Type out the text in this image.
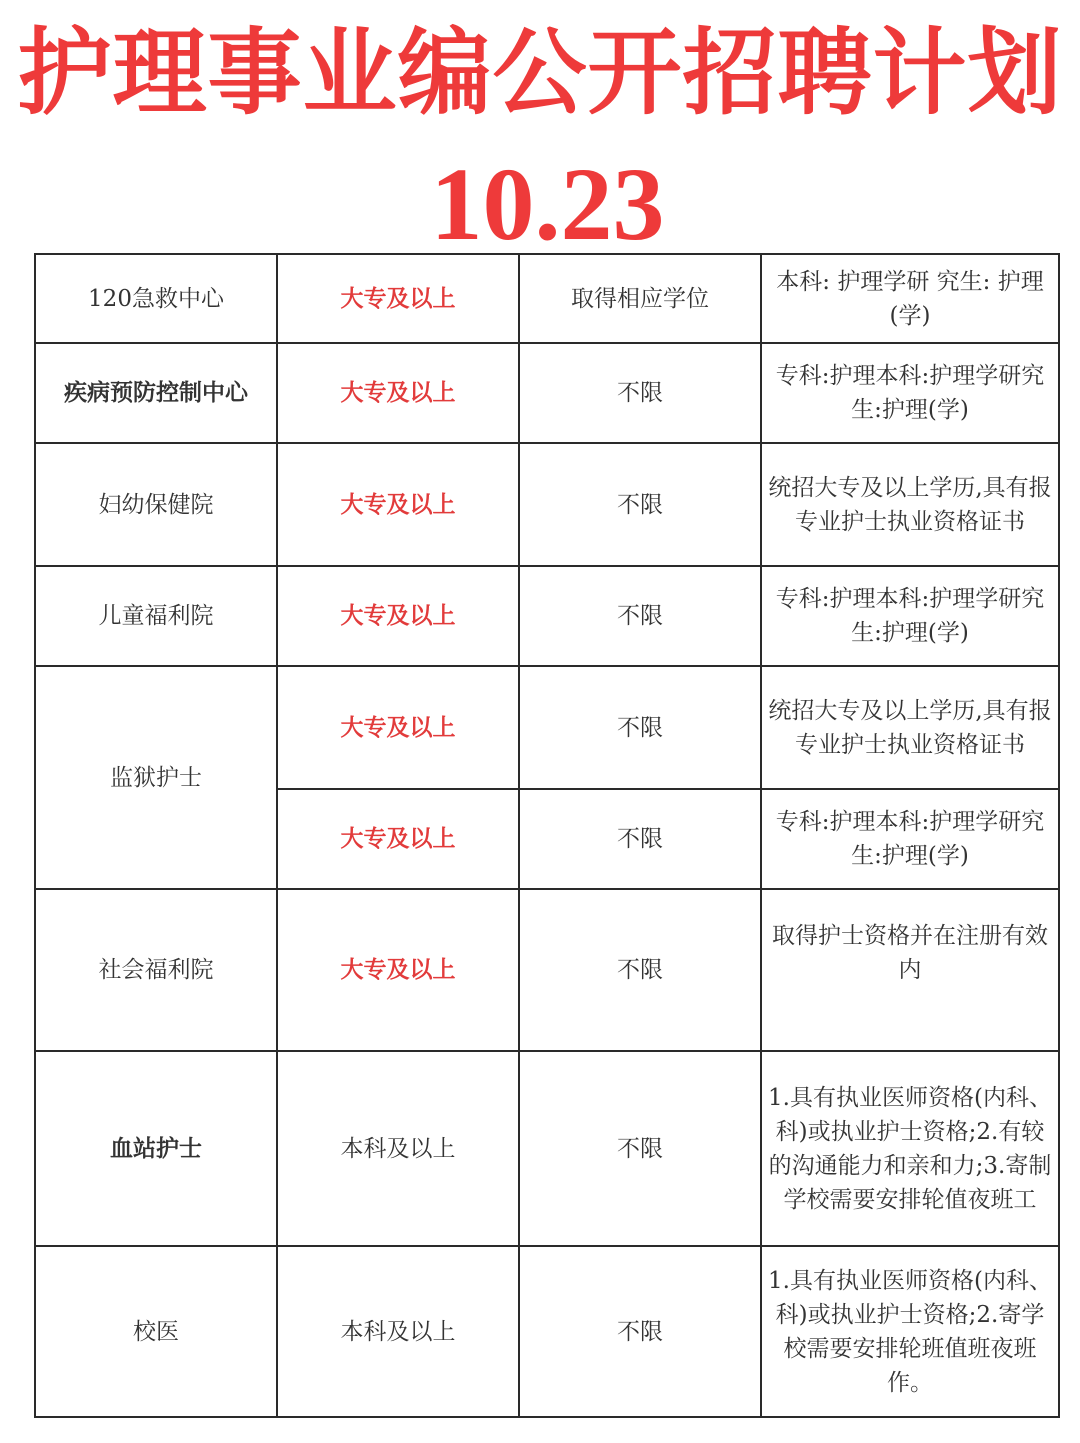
护理事业编公开招聘计划
10.23
120急救中心	大专及以上	取得相应学位	本科: 护理学研 究生: 护理(学)
疾病预防控制中心	大专及以上	不限	专科:护理本科:护理学研究生:护理(学)
妇幼保健院	大专及以上	不限	统招大专及以上学历,具有报专业护士执业资格证书
儿童福利院	大专及以上	不限	专科:护理本科:护理学研究生:护理(学)
监狱护士	大专及以上	不限	统招大专及以上学历,具有报专业护士执业资格证书
	大专及以上	不限	专科:护理本科:护理学研究生:护理(学)
社会福利院	大专及以上	不限	取得护士资格并在注册有效内
血站护士	本科及以上	不限	1.具有执业医师资格(内科、科)或执业护士资格;2.有较的沟通能力和亲和力;3.寄制学校需要安排轮值夜班工
校医	本科及以上	不限	1.具有执业医师资格(内科、科)或执业护士资格;2.寄学校需要安排轮班值班夜班作。
